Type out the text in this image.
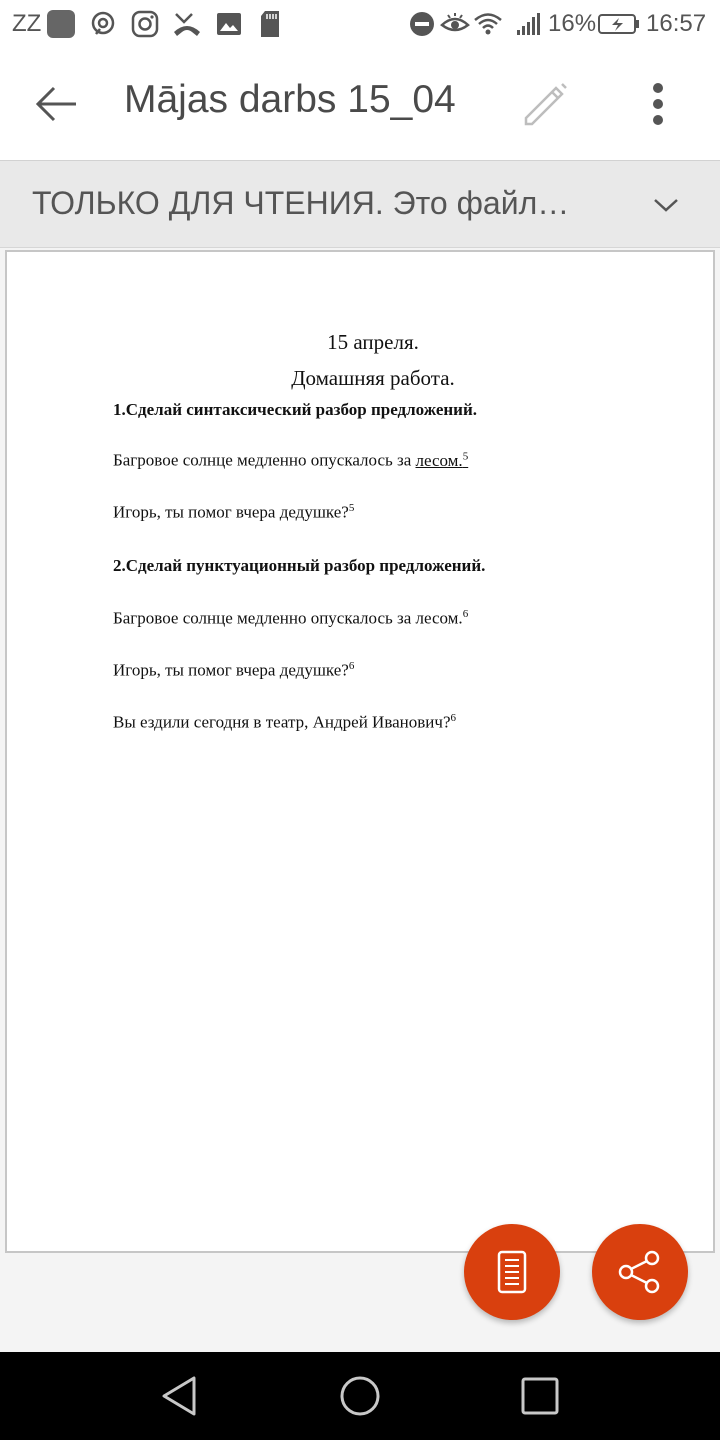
ZZ	16% 16:57
Mājas darbs 15_04
ТОЛЬКО ДЛЯ ЧТЕНИЯ. Это файл…
15 апреля.
Домашняя работа.
1.Сделай синтаксический разбор предложений.
Багровое солнце медленно опускалось за лесом.$^5$
Игорь, ты помог вчера дедушке?$^5$
2.Сделай пунктуационный разбор предложений.
Багровое солнце медленно опускалось за лесом.$^6$
Игорь, ты помог вчера дедушке?$^6$
Вы ездили сегодня в театр, Андрей Иванович?$^6$
